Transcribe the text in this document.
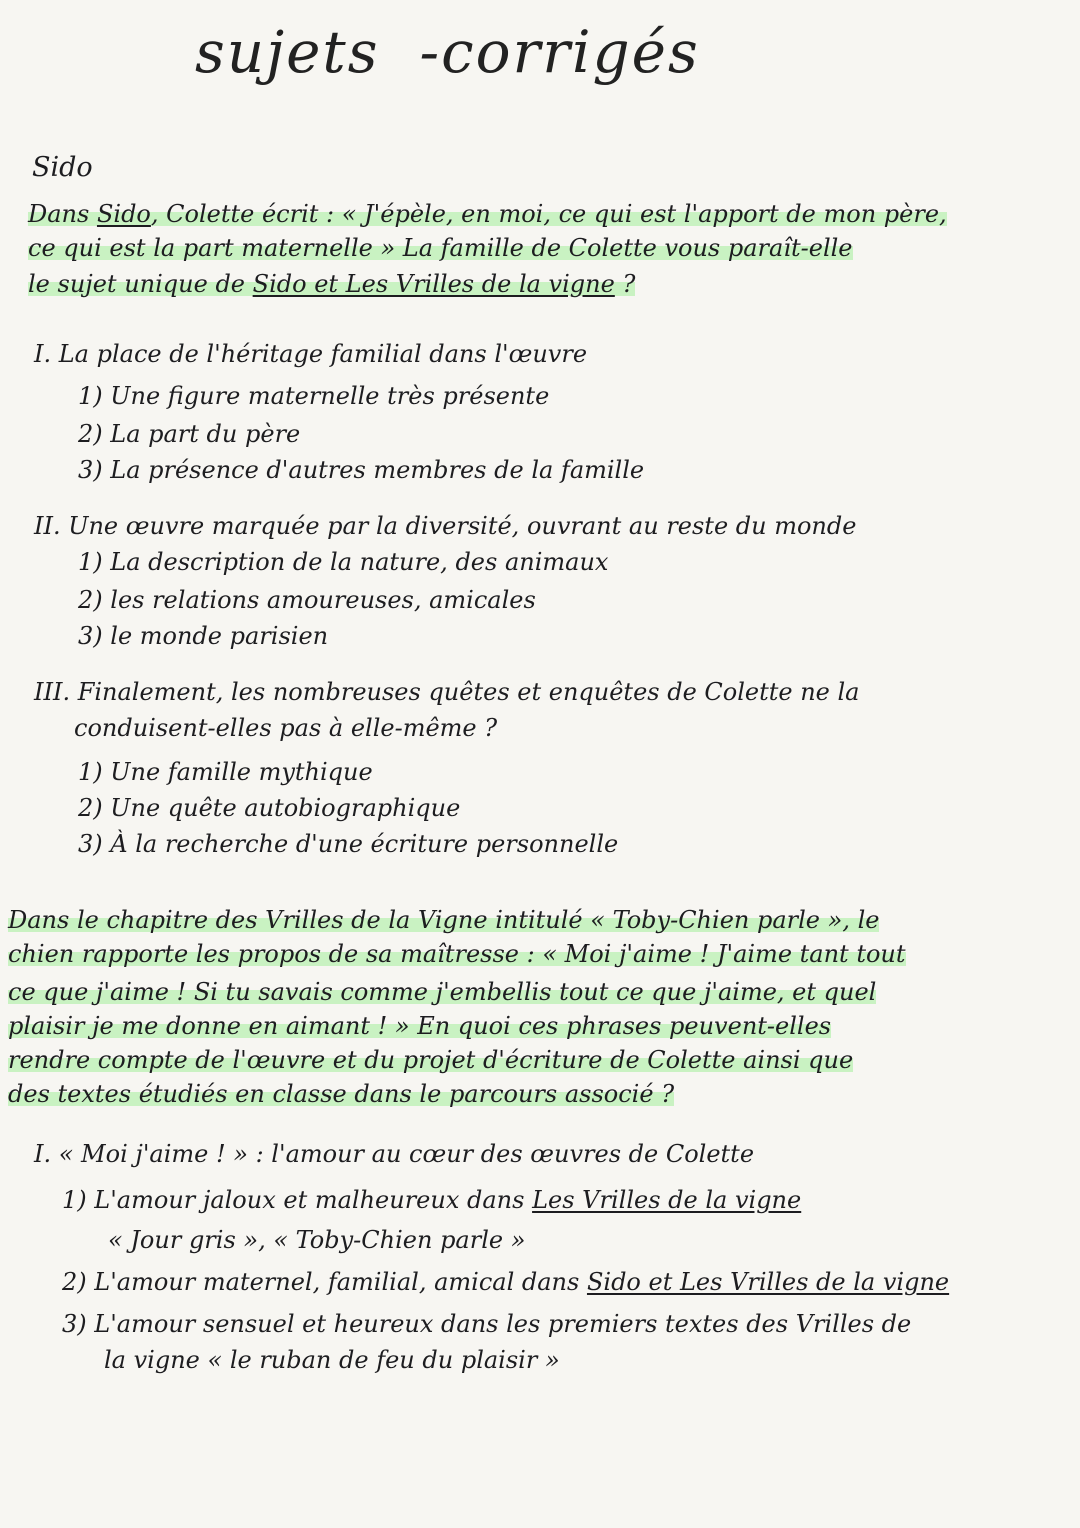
sujets -corrigés
Sido
Dans Sido, Colette écrit : « J'épèle, en moi, ce qui est l'apport de mon père,
ce qui est la part maternelle » La famille de Colette vous paraît-elle
le sujet unique de Sido et Les Vrilles de la vigne ?
I. La place de l'héritage familial dans l'œuvre
1) Une figure maternelle très présente
2) La part du père
3) La présence d'autres membres de la famille
II. Une œuvre marquée par la diversité, ouvrant au reste du monde
1) La description de la nature, des animaux
2) les relations amoureuses, amicales
3) le monde parisien
III. Finalement, les nombreuses quêtes et enquêtes de Colette ne la
conduisent-elles pas à elle-même ?
1) Une famille mythique
2) Une quête autobiographique
3) À la recherche d'une écriture personnelle
Dans le chapitre des Vrilles de la Vigne intitulé « Toby-Chien parle », le
chien rapporte les propos de sa maîtresse : « Moi j'aime ! J'aime tant tout
ce que j'aime ! Si tu savais comme j'embellis tout ce que j'aime, et quel
plaisir je me donne en aimant ! » En quoi ces phrases peuvent-elles
rendre compte de l'œuvre et du projet d'écriture de Colette ainsi que
des textes étudiés en classe dans le parcours associé ?
I. « Moi j'aime ! » : l'amour au cœur des œuvres de Colette
1) L'amour jaloux et malheureux dans Les Vrilles de la vigne
« Jour gris », « Toby-Chien parle »
2) L'amour maternel, familial, amical dans Sido et Les Vrilles de la vigne
3) L'amour sensuel et heureux dans les premiers textes des Vrilles de
la vigne « le ruban de feu du plaisir »
